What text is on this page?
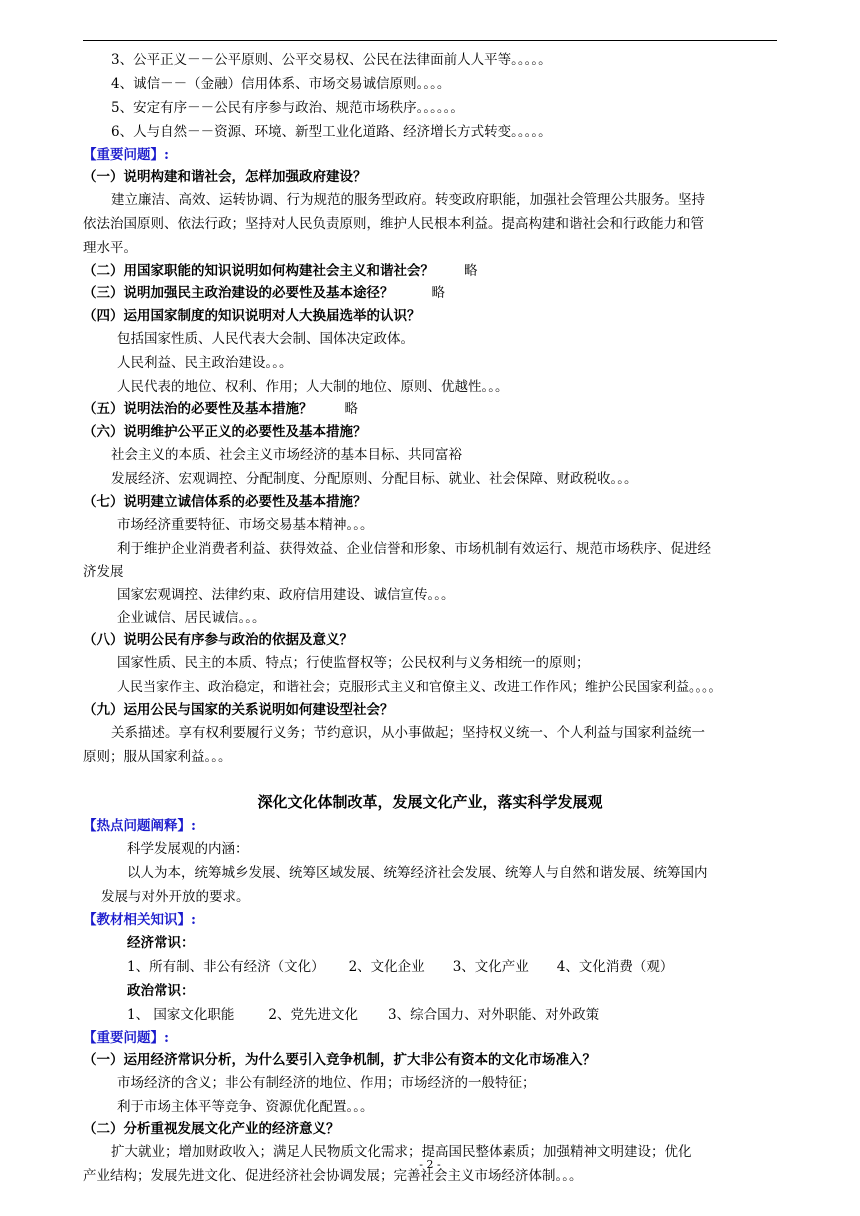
3、公平正义－－公平原则、公平交易权、公民在法律面前人人平等。。。。。
4、诚信－－（金融）信用体系、市场交易诚信原则。。。。
5、安定有序－－公民有序参与政治、规范市场秩序。。。。。。
6、人与自然－－资源、环境、新型工业化道路、经济增长方式转变。。。。。
【重要问题】:
（一）说明构建和谐社会，怎样加强政府建设？
建立廉洁、高效、运转协调、行为规范的服务型政府。转变政府职能，加强社会管理公共服务。坚持
依法治国原则、依法行政；坚持对人民负责原则，维护人民根本利益。提高构建和谐社会和行政能力和管
理水平。
（二）用国家职能的知识说明如何构建社会主义和谐社会？ 略
（三）说明加强民主政治建设的必要性及基本途径？	略
（四）运用国家制度的知识说明对人大换届选举的认识？
包括国家性质、人民代表大会制、国体决定政体。
人民利益、民主政治建设。。。
人民代表的地位、权利、作用；人大制的地位、原则、优越性。。。
（五）说明法治的必要性及基本措施？ 略
（六）说明维护公平正义的必要性及基本措施？
社会主义的本质、社会主义市场经济的基本目标、共同富裕
发展经济、宏观调控、分配制度、分配原则、分配目标、就业、社会保障、财政税收。。。
（七）说明建立诚信体系的必要性及基本措施？
市场经济重要特征、市场交易基本精神。。。
利于维护企业消费者利益、获得效益、企业信誉和形象、市场机制有效运行、规范市场秩序、促进经
济发展
国家宏观调控、法律约束、政府信用建设、诚信宣传。。。
企业诚信、居民诚信。。。
（八）说明公民有序参与政治的依据及意义？
国家性质、民主的本质、特点；行使监督权等；公民权利与义务相统一的原则；
人民当家作主、政治稳定，和谐社会；克服形式主义和官僚主义、改进工作作风；维护公民国家利益。。。。
（九）运用公民与国家的关系说明如何建设型社会？
关系描述。享有权利要履行义务；节约意识，从小事做起；坚持权义统一、个人利益与国家利益统一
原则；服从国家利益。。。
深化文化体制改革，发展文化产业，落实科学发展观
【热点问题阐释】:
科学发展观的内涵：
以人为本，统筹城乡发展、统筹区域发展、统筹经济社会发展、统筹人与自然和谐发展、统筹国内
发展与对外开放的要求。
【教材相关知识】:
经济常识：
1、所有制、非公有经济（文化） 2、文化企业 3、文化产业 4、文化消费（观）
政治常识：
1、 国家文化职能	2、党先进文化 3、综合国力、对外职能、对外政策
【重要问题】:
（一）运用经济常识分析，为什么要引入竞争机制，扩大非公有资本的文化市场准入？
市场经济的含义；非公有制经济的地位、作用；市场经济的一般特征；
利于市场主体平等竞争、资源优化配置。。。
（二）分析重视发展文化产业的经济意义？
扩大就业；增加财政收入；满足人民物质文化需求；提高国民整体素质；加强精神文明建设；优化
产业结构；发展先进文化、促进经济社会协调发展；完善社会主义市场经济体制。。。
- 2 -
